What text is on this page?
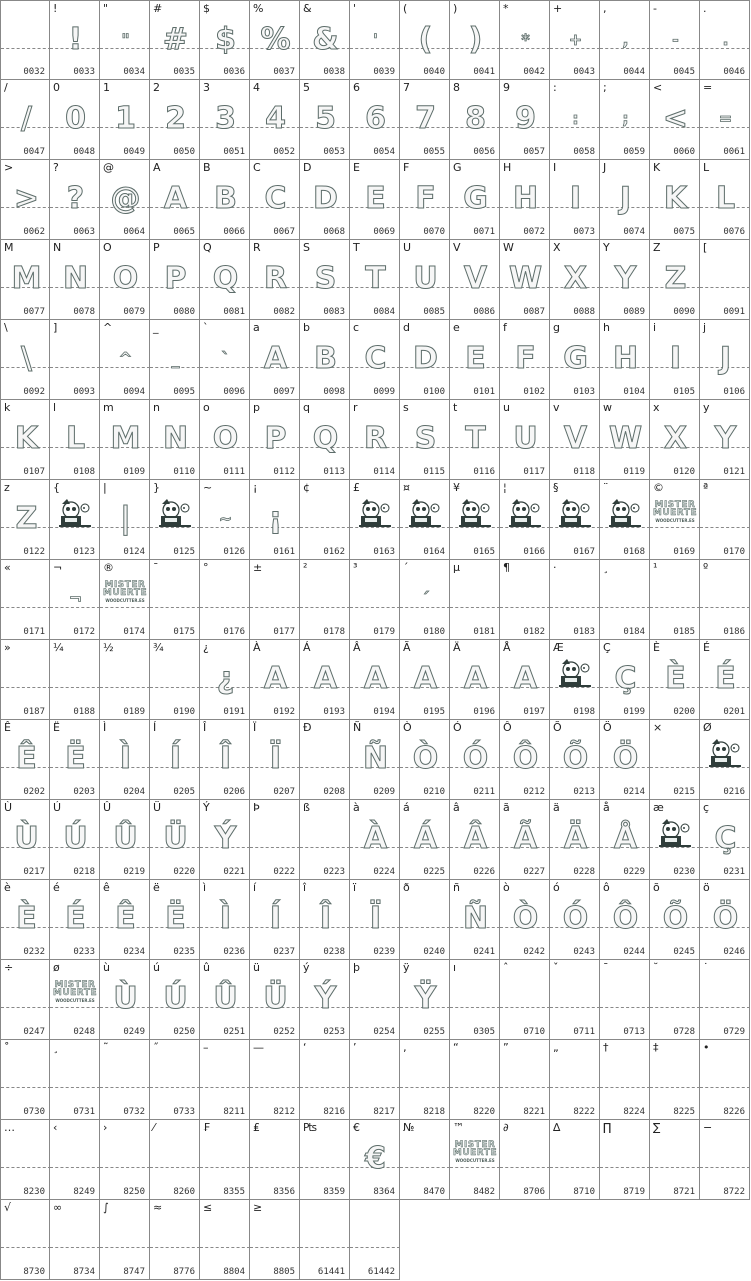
0032
!
!
0033
"
"
0034
#
#
0035
$
$
0036
%
%
0037
&
&
0038
'
'
0039
(
(
0040
)
)
0041
*
*
0042
+
+
0043
,
,
0044
-
-
0045
.
.
0046
/
/
0047
0
0
0048
1
1
0049
2
2
0050
3
3
0051
4
4
0052
5
5
0053
6
6
0054
7
7
0055
8
8
0056
9
9
0057
:
:
0058
;
;
0059
<
<
0060
=
=
0061
>
>
0062
?
?
0063
@
@
0064
A
A
0065
B
B
0066
C
C
0067
D
D
0068
E
E
0069
F
F
0070
G
G
0071
H
H
0072
I
I
0073
J
J
0074
K
K
0075
L
L
0076
M
M
0077
N
N
0078
O
O
0079
P
P
0080
Q
Q
0081
R
R
0082
S
S
0083
T
T
0084
U
U
0085
V
V
0086
W
W
0087
X
X
0088
Y
Y
0089
Z
Z
0090
[
0091
\
\
0092
]
0093
^
^
0094
_
_
0095
`
`
0096
a
A
0097
b
B
0098
c
C
0099
d
D
0100
e
E
0101
f
F
0102
g
G
0103
h
H
0104
i
I
0105
j
J
0106
k
K
0107
l
L
0108
m
M
0109
n
N
0110
o
O
0111
p
P
0112
q
Q
0113
r
R
0114
s
S
0115
t
T
0116
u
U
0117
v
V
0118
w
W
0119
x
X
0120
y
Y
0121
z
Z
0122
{
0123
|
|
0124
}
0125
~
~
0126
¡
¡
0161
¢
0162
£
0163
¤
0164
¥
0165
¦
0166
§
0167
¨
0168
©
MISTER
MUERTE
WOODCUTTER.ES
0169
ª
0170
«
0171
¬
¬
0172
®
MISTER
MUERTE
WOODCUTTER.ES
0174
¯
0175
°
0176
±
0177
²
0178
³
0179
´
´
0180
µ
0181
¶
0182
·
0183
¸
0184
¹
0185
º
0186
»
0187
¼
0188
½
0189
¾
0190
¿
¿
0191
À
A
0192
Á
A
0193
Â
A
0194
Ã
A
0195
Ä
A
0196
Å
A
0197
Æ
0198
Ç
Ç
0199
È
È
0200
É
É
0201
Ê
Ê
0202
Ë
Ë
0203
Ì
Ì
0204
Í
Í
0205
Î
Î
0206
Ï
Ï
0207
Ð
0208
Ñ
Ñ
0209
Ò
Ò
0210
Ó
Ó
0211
Ô
Ô
0212
Õ
Õ
0213
Ö
Ö
0214
×
0215
Ø
0216
Ù
Ù
0217
Ú
Ú
0218
Û
Û
0219
Ü
Ü
0220
Ý
Ý
0221
Þ
0222
ß
0223
à
À
0224
á
Á
0225
â
Â
0226
ã
Ã
0227
ä
Ä
0228
å
Å
0229
æ
0230
ç
Ç
0231
è
È
0232
é
É
0233
ê
Ê
0234
ë
Ë
0235
ì
Ì
0236
í
Í
0237
î
Î
0238
ï
Ï
0239
ð
0240
ñ
Ñ
0241
ò
Ò
0242
ó
Ó
0243
ô
Ô
0244
õ
Õ
0245
ö
Ö
0246
÷
0247
ø
MISTER
MUERTE
WOODCUTTER.ES
0248
ù
Ù
0249
ú
Ú
0250
û
Û
0251
ü
Ü
0252
ý
Ý
0253
þ
0254
ÿ
Ÿ
0255
ı
0305
ˆ
0710
ˇ
0711
ˉ
0713
˘
0728
˙
0729
˚
0730
¸
0731
˜
0732
˝
0733
–
8211
—
8212
‘
8216
’
8217
‚
8218
“
8220
”
8221
„
8222
†
8224
‡
8225
•
8226
…
8230
‹
8249
›
8250
⁄
8260
₣
8355
₤
8356
₧
8359
€
€
8364
№
8470
™
MISTER
MUERTE
WOODCUTTER.ES
8482
∂
8706
∆
8710
∏
8719
∑
8721
−
8722
√
8730
∞
8734
∫
8747
≈
8776
≤
8804
≥
8805	61441	61442
